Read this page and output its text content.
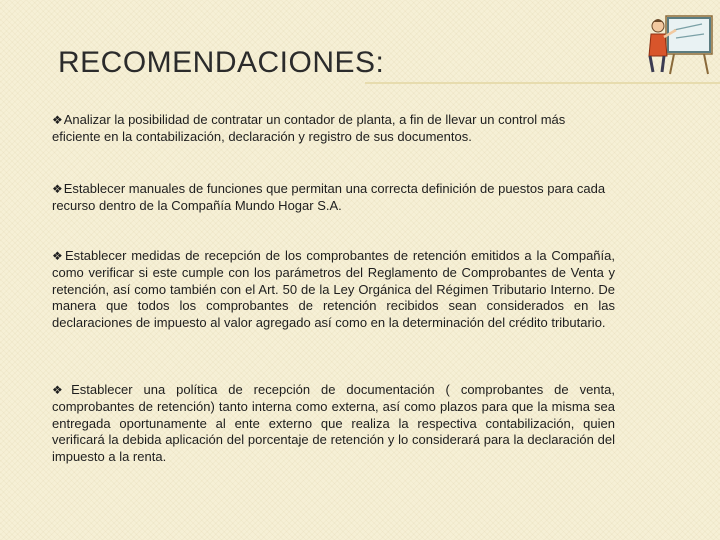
RECOMENDACIONES:

❖Analizar la posibilidad de contratar un contador de planta, a fin de llevar un control más eficiente en la contabilización, declaración y registro de sus documentos.

❖Establecer manuales de funciones que permitan una correcta definición de puestos para cada recurso dentro de la Compañía Mundo Hogar S.A.

❖Establecer medidas de recepción de los comprobantes de retención emitidos a la Compañía, como verificar si este cumple con los parámetros del Reglamento de Comprobantes de Venta y retención, así como también con el Art. 50 de la Ley Orgánica del Régimen Tributario Interno. De manera que todos los comprobantes de retención recibidos sean considerados en las declaraciones de impuesto al valor agregado así como en la determinación del crédito tributario.

❖Establecer una política de recepción de documentación ( comprobantes de venta, comprobantes de retención) tanto interna como externa, así como plazos para que la misma sea entregada oportunamente al ente externo que realiza la respectiva contabilización, quien verificará la debida aplicación del porcentaje de retención y lo considerará para la declaración del impuesto a la renta.
